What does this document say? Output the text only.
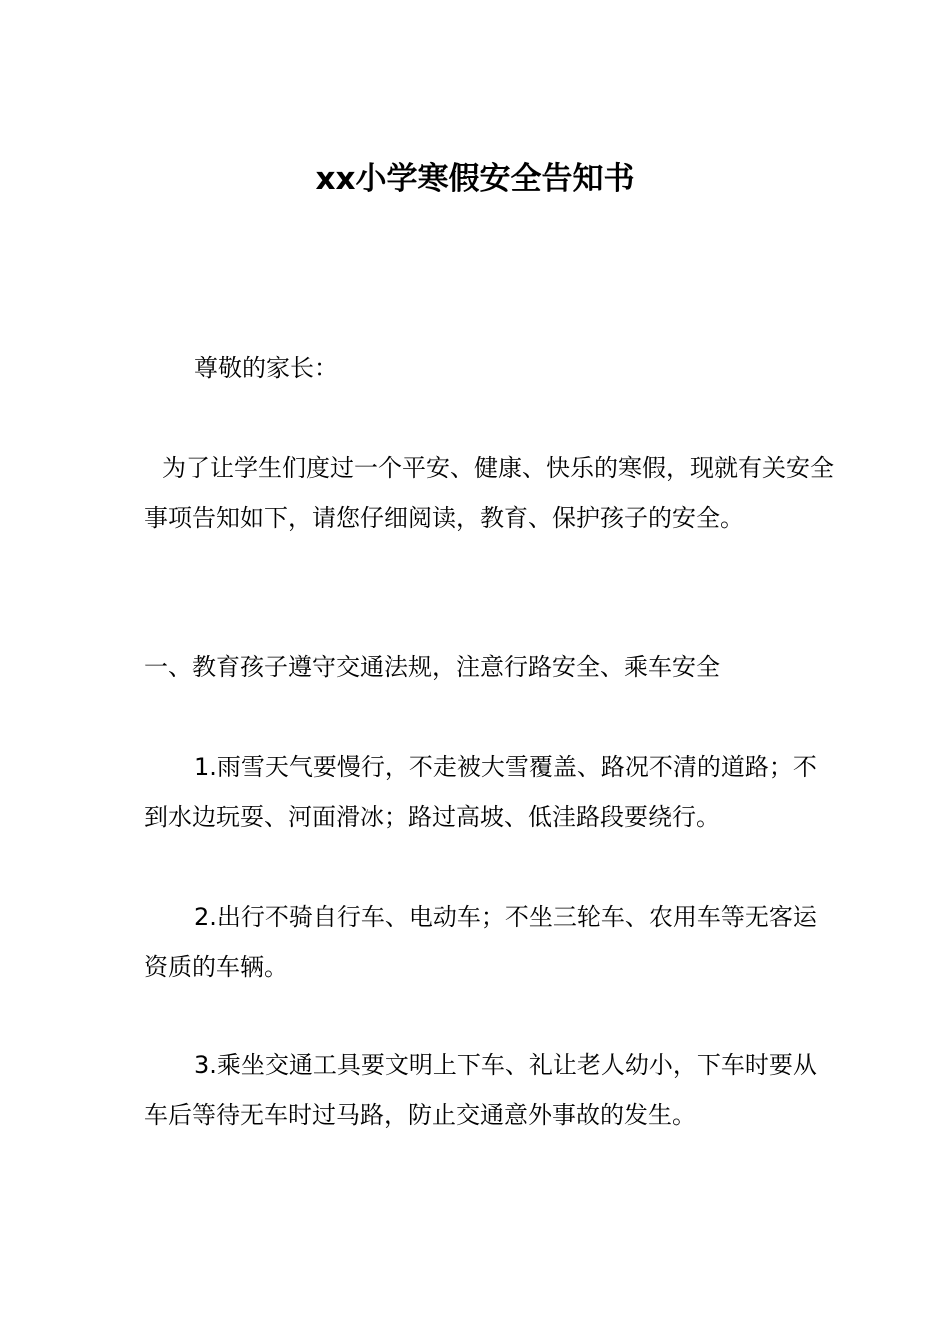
xx小学寒假安全告知书

尊敬的家长：

为了让学生们度过一个平安、健康、快乐的寒假，现就有关安全事项告知如下，请您仔细阅读，教育、保护孩子的安全。

一、教育孩子遵守交通法规，注意行路安全、乘车安全

1.雨雪天气要慢行，不走被大雪覆盖、路况不清的道路；不到水边玩耍、河面滑冰；路过高坡、低洼路段要绕行。

2.出行不骑自行车、电动车；不坐三轮车、农用车等无客运资质的车辆。

3.乘坐交通工具要文明上下车、礼让老人幼小，下车时要从车后等待无车时过马路，防止交通意外事故的发生。
